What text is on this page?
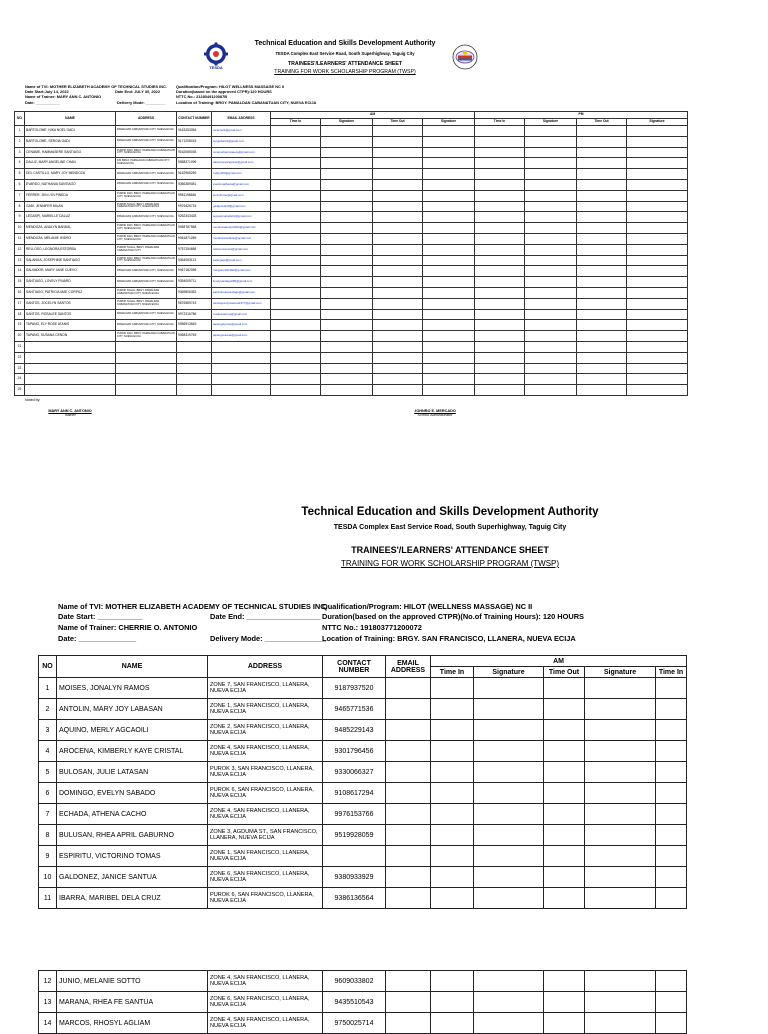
TESDA
Technical Education and Skills Development Authority
TESDA Complex East Service Road, South Superhighway, Taguig City
TRAINEES'/LEARNERS' ATTENDANCE SHEET
TRAINING FOR WORK SCHOLARSHIP PROGRAM (TWSP)
Name of TVI: MOTHER ELIZABETH ACADEMY OF TECHNICAL STUDIES INC.
Date Start:July 14, 2022	Date End: JULY 30, 2022
Name of Trainer: MARY ANN C. ANTONIO
Date: ___________
Qualification/Program: HILOT WELLNESS MASSAGE NC II
Duration(based on the approved CTPR):120 HOURS
NTTC No.: 2128049120087B
Delivery Mode: _________	Location of Training: BRGY. PAMALDAN CABANATUAN CITY, NUEVA ECIJA
NO	NAME	ADDRESS	CONTACT NUMBER	EMAIL ADDRESS	AM				PM			
					Time In	Signature	Time Out	Signature	Time In	Signature	Time Out	Signature
1	BARTOLOME, NIKA NOEL GADI	PAMALDAN CABANATUAN CITY, NUEVA ECIJA	9163253054	nicanoel1@gmail.com								
2	BARTOLOME, SERGIA GADI	PAMALDAN CABANATUAN CITY, NUEVA ECIJA	9171208015	sergiabartol@gmail.com								
3	CENAME, HAMMASERE SANTIAGO	PUROK DAO, BRGY. PAMALDAN CABANATUAN CITY, NUEVA ECIJA	9162065035	cenamehammasere@gmail.com								
4	DALUZ, MARY ANGELINE CHAN	181 BRGY. PAMALDAN CABANATUAN CITY, NUEVA ECIJA	9558371096	daluzmaryangeline@gmail.com								
5	DEL CASTILLO, MARY JOY MENDOZA	PAMALDAN CABANATUAN CITY, NUEVA ECIJA	9162965269	mdjoy003@gmail.com								
6	EVARDO, NATHANIA SANTIAGO	PAMALDAN CABANATUAN CITY, NUEVA ECIJA	9366389081	evardonathania@gmail.com								
7	FERRER, JEN LYN PINEDA	PUROK DAO, BRGY. PAMALDAN CABANATUAN CITY, NUEVA ECIJA	9951198646	jenlynferrer@gmail.com								
8	GADI, JENNIFER MILAN	PUROK TAGAL, BRGY. PAMALDAN CABANATUAN CITY, NUEVA ECIJA	9976426715	gadijennifer8@gmail.com								
9	LEGASPI, MARIELLE DALUZ	PAMALDAN CABANATUAN CITY, NUEVA ECIJA	9262343428	legaspimarielle02@gmail.com								
10	MENDOZA, ANALYN BANDAL	PUROK DAO, BRGY. PAMALDAN CABANATUAN CITY, NUEVA ECIJA	9058787568	mendozaanalyn2602@gmail.com								
11	MENDOZA, MELANIE ISIDRO	PUROK DAO, BRGY. PAMALDAN CABANATUAN CITY, NUEVA ECIJA	9051871289	mendozamelanie@gmail.com								
12	RELLOSO, LEONORA ESTORBA	PUROK TAGAL, BRGY. PAMALDAN CABANATUAN CITY	9757254688	relloso.leonora@gmail.com								
13	SALANGA, JOSEPHINE SANTIAGO	PUROK DAO, BRGY. PAMALDAN CABANATUAN CITY, NUEVA ECIJA	9364083113	salangajo@gmail.com								
14	SALVADOR, MARY JANE CUEVO	PAMALDAN CABANATUAN CITY, NUEVA ECIJA	9067182056	maryjane031092@gmail.com								
15	SANTIAGO, LOVELY FINARD	PAMALDAN CABANATUAN CITY, NUEVA ECIJA	9354009711	lovelysantiago099@gmail.com								
16	SANTIAGO, PATRICIA MAE CORPUZ	PUROK TAGAL, BRGY. PAMALDAN CABANATUAN CITY, NUEVA ECIJA	9369806352	patriciamaesantiago@gmail.com								
17	SANTOS, JOCELYN SANTOS	PUROK TAGAL, BRGY. PAMALDAN CABANATUAN CITY, NUEVA ECIJA	9676589743	santosjocelynsantos1977@gmail.com								
18	SANTOS, ROSALEE SANTOS	PAMALDAN CABANATUAN CITY, NUEVA ECIJA	9972316786	rosaleesantos@gmail.com								
19	TAPANG, ELY ROSE ATANIS	PAMALDAN CABANATUAN CITY, NUEVA ECIJA	9056913649	tapangelyrose@gmail.com								
20	TAPANG, SUSANA CENON	PUROK DAO, BRGY. PAMALDAN CABANATUAN CITY, NUEVA ECIJA	9068319763	tapangsusana@gmail.com								
21												
22												
23												
24												
25												
Noted by:
MARY ANN C. ANTONIO
Trainer
JOHNRO E. MERCADO
School Administrator
Technical Education and Skills Development Authority
TESDA Complex East Service Road, South Superhighway, Taguig City
TRAINEES'/LEARNERS' ATTENDANCE SHEET
TRAINING FOR WORK SCHOLARSHIP PROGRAM (TWSP)
Name of TVI: MOTHER ELIZABETH ACADEMY OF TECHNICAL STUDIES INC.
Date Start: ___________	Date End: __________________
Name of Trainer: CHERRIE O. ANTONIO
Date: ______________
Qualification/Program: HILOT (WELLNESS MASSAGE) NC II
Duration(based on the approved CTPR)(No.of Training Hours): 120 HOURS
NTTC No.: 191803771200072
Delivery Mode: _______________
Location of Training: BRGY. SAN FRANCISCO, LLANERA, NUEVA ECIJA
NO	NAME	ADDRESS	CONTACT NUMBER	EMAIL ADDRESS	AM				
					Time In	Signature	Time Out	Signature	Time In
1	MOISES, JONALYN RAMOS	ZONE 7, SAN FRANCISCO, LLANERA, NUEVA ECIJA	9187937520						
2	ANTOLIN, MARY JOY LABASAN	ZONE 1, SAN FRANCISCO, LLANERA, NUEVA ECIJA	9465771536						
3	AQUINO, MERLY AGCAOILI	ZONE 2, SAN FRANCISCO, LLANERA, NUEVA ECIJA	9485229143						
4	AROCENA, KIMBERLY KAYE CRISTAL	ZONE 4, SAN FRANCISCO, LLANERA, NUEVA ECIJA	9301796456						
5	BULOSAN, JULIE LATASAN	PUROK 3, SAN FRANCISCO, LLANERA, NUEVA ECIJA	9330066327						
6	DOMINGO, EVELYN SABADO	PUROK 6, SAN FRANCISCO, LLANERA, NUEVA ECIJA	9108617294						
7	ECHADA, ATHENA CACHO	ZONE 4, SAN FRANCISCO, LLANERA, NUEVA ECIJA	9976153766						
8	BULUSAN, RHEA APRIL GABURNO	ZONE 3, AGDUMA ST., SAN FRANCISCO, LLANERA, NUEVA ECIJA	9519928059						
9	ESPIRITU, VICTORINO TOMAS	ZONE 1, SAN FRANCISCO, LLANERA, NUEVA ECIJA							
10	GALDONEZ, JANICE SANTUA	ZONE 6, SAN FRANCISCO, LLANERA, NUEVA ECIJA	9380933929						
11	IBARRA, MARIBEL DELA CRUZ	PUROK 6, SAN FRANCISCO, LLANERA, NUEVA ECIJA	9386136564						
12	JUNIO, MELANIE SOTTO	ZONE 4, SAN FRANCISCO, LLANERA, NUEVA ECIJA	9609033802						
13	MARANA, RHEA FE SANTUA	ZONE 6, SAN FRANCISCO, LLANERA, NUEVA ECIJA	9435510543						
14	MARCOS, RHOSYL AGLIAM	ZONE 4, SAN FRANCISCO, LLANERA, NUEVA ECIJA	9750025714						
